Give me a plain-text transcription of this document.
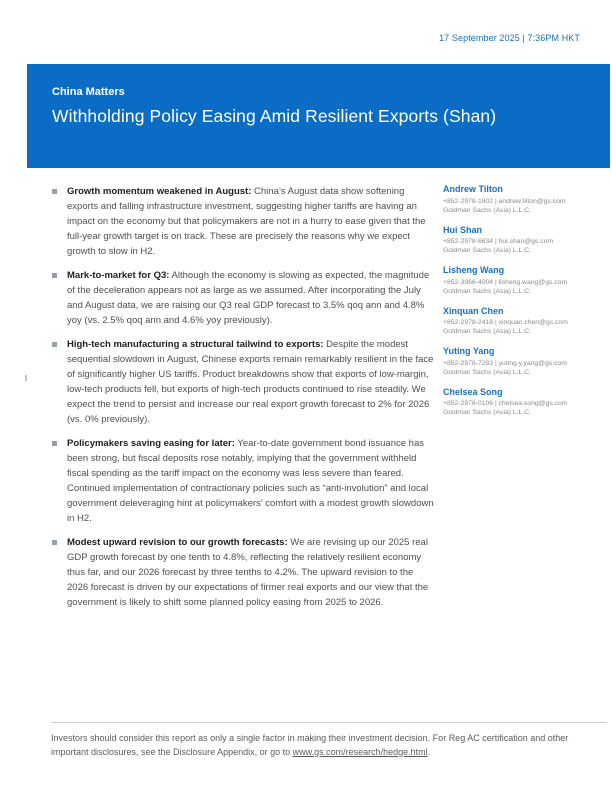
17 September 2025 | 7:36PM HKT
China Matters
Withholding Policy Easing Amid Resilient Exports (Shan)
Growth momentum weakened in August: China’s August data show softening exports and falling infrastructure investment, suggesting higher tariffs are having an impact on the economy but that policymakers are not in a hurry to ease given that the full-year growth target is on track. These are precisely the reasons why we expect growth to slow in H2.
Mark-to-market for Q3: Although the economy is slowing as expected, the magnitude of the deceleration appears not as large as we assumed. After incorporating the July and August data, we are raising our Q3 real GDP forecast to 3.5% qoq ann and 4.8% yoy (vs. 2.5% qoq ann and 4.6% yoy previously).
High-tech manufacturing a structural tailwind to exports: Despite the modest sequential slowdown in August, Chinese exports remain remarkably resilient in the face of significantly higher US tariffs. Product breakdowns show that exports of low-margin, low-tech products fell, but exports of high-tech products continued to rise steadily. We expect the trend to persist and increase our real export growth forecast to 2% for 2026 (vs. 0% previously).
Policymakers saving easing for later: Year-to-date government bond issuance has been strong, but fiscal deposits rose notably, implying that the government withheld fiscal spending as the tariff impact on the economy was less severe than feared. Continued implementation of contractionary policies such as “anti-involution” and local government deleveraging hint at policymakers’ comfort with a modest growth slowdown in H2.
Modest upward revision to our growth forecasts: We are revising up our 2025 real GDP growth forecast by one tenth to 4.8%, reflecting the relatively resilient economy thus far, and our 2026 forecast by three tenths to 4.2%. The upward revision to the 2026 forecast is driven by our expectations of firmer real exports and our view that the government is likely to shift some planned policy easing from 2025 to 2026.
Andrew Tilton
+852-2978-1802 | andrew.tilton@gs.com
Goldman Sachs (Asia) L.L.C.
Hui Shan
+852-2978-6634 | hui.shan@gs.com
Goldman Sachs (Asia) L.L.C.
Lisheng Wang
+852-3966-4004 | lisheng.wang@gs.com
Goldman Sachs (Asia) L.L.C.
Xinquan Chen
+852-2978-2418 | xinquan.chen@gs.com
Goldman Sachs (Asia) L.L.C.
Yuting Yang
+852-2978-7283 | yuting.y.yang@gs.com
Goldman Sachs (Asia) L.L.C.
Chelsea Song
+852-2978-0106 | chelsea.song@gs.com
Goldman Sachs (Asia) L.L.C.
Investors should consider this report as only a single factor in making their investment decision. For Reg AC certification and other important disclosures, see the Disclosure Appendix, or go to www.gs.com/research/hedge.html.
